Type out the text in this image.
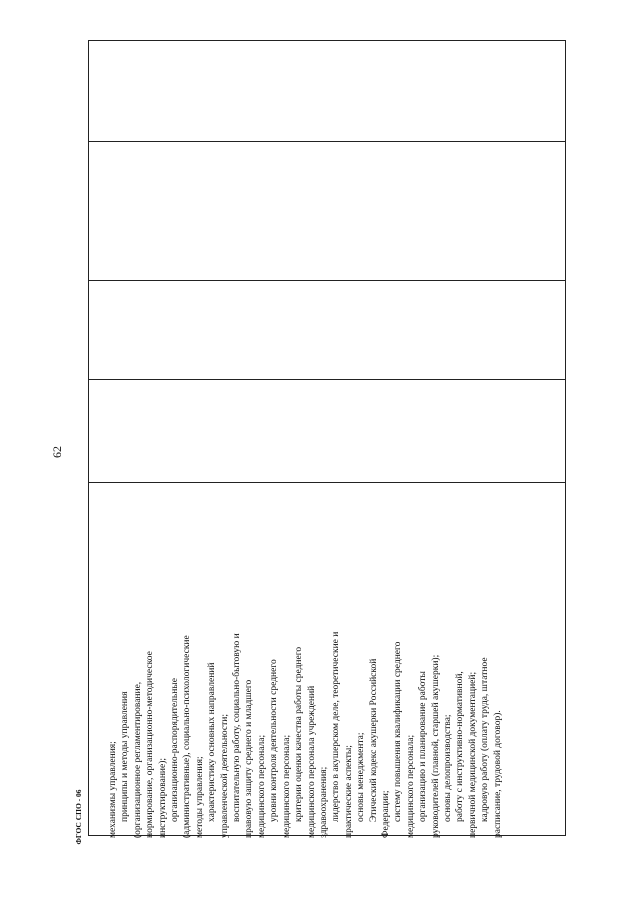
62
ФГОС СПО - 06	механизмы управления; принципы и методы управления (организационное регламентирование, нормирование, организационно-методическое инструктирование); организационно-распорядительные (административные), социально-психологические методы управления; характеристику основных направлений управленческой деятельности; воспитательную работу, социально-бытовую и правовую защиту среднего и младшего медицинского персонала; уровни контроля деятельности среднего медицинского персонала; критерии оценки качества работы среднего медицинского персонала учреждений здравоохранения; лидерство в акушерском деле, теоретические и практические аспекты; основы менеджмента; Этический кодекс акушерки Российской Федерации; систему повышения квалификации среднего медицинского персонала; организацию и планирование работы руководителей (главной, старшей акушерки); основы делопроизводства; работу с инструктивно-нормативной, первичной медицинской документацией; кадровую работу (оплату труда, штатное расписание, трудовой договор).
